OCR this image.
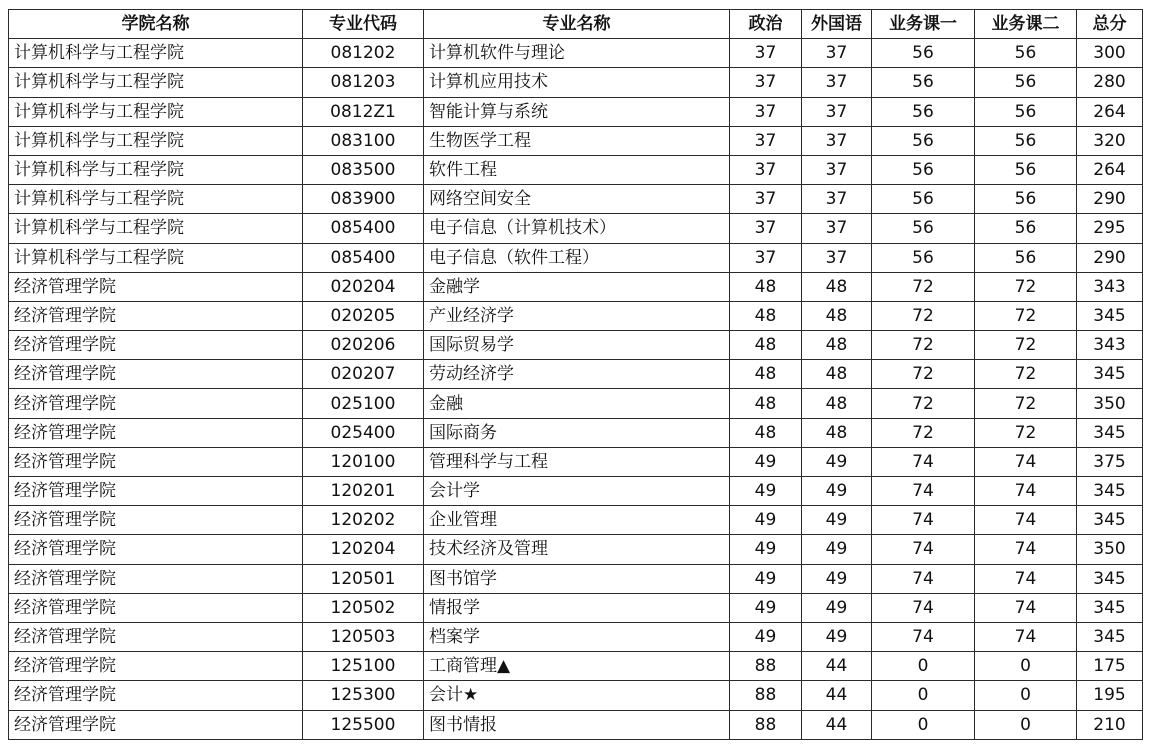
学院名称	专业代码	专业名称	政治	外国语	业务课一	业务课二	总分
计算机科学与工程学院	081202	计算机软件与理论	37	37	56	56	300
计算机科学与工程学院	081203	计算机应用技术	37	37	56	56	280
计算机科学与工程学院	0812Z1	智能计算与系统	37	37	56	56	264
计算机科学与工程学院	083100	生物医学工程	37	37	56	56	320
计算机科学与工程学院	083500	软件工程	37	37	56	56	264
计算机科学与工程学院	083900	网络空间安全	37	37	56	56	290
计算机科学与工程学院	085400	电子信息（计算机技术）	37	37	56	56	295
计算机科学与工程学院	085400	电子信息（软件工程）	37	37	56	56	290
经济管理学院	020204	金融学	48	48	72	72	343
经济管理学院	020205	产业经济学	48	48	72	72	345
经济管理学院	020206	国际贸易学	48	48	72	72	343
经济管理学院	020207	劳动经济学	48	48	72	72	345
经济管理学院	025100	金融	48	48	72	72	350
经济管理学院	025400	国际商务	48	48	72	72	345
经济管理学院	120100	管理科学与工程	49	49	74	74	375
经济管理学院	120201	会计学	49	49	74	74	345
经济管理学院	120202	企业管理	49	49	74	74	345
经济管理学院	120204	技术经济及管理	49	49	74	74	350
经济管理学院	120501	图书馆学	49	49	74	74	345
经济管理学院	120502	情报学	49	49	74	74	345
经济管理学院	120503	档案学	49	49	74	74	345
经济管理学院	125100	工商管理▲	88	44	0	0	175
经济管理学院	125300	会计★	88	44	0	0	195
经济管理学院	125500	图书情报	88	44	0	0	210
